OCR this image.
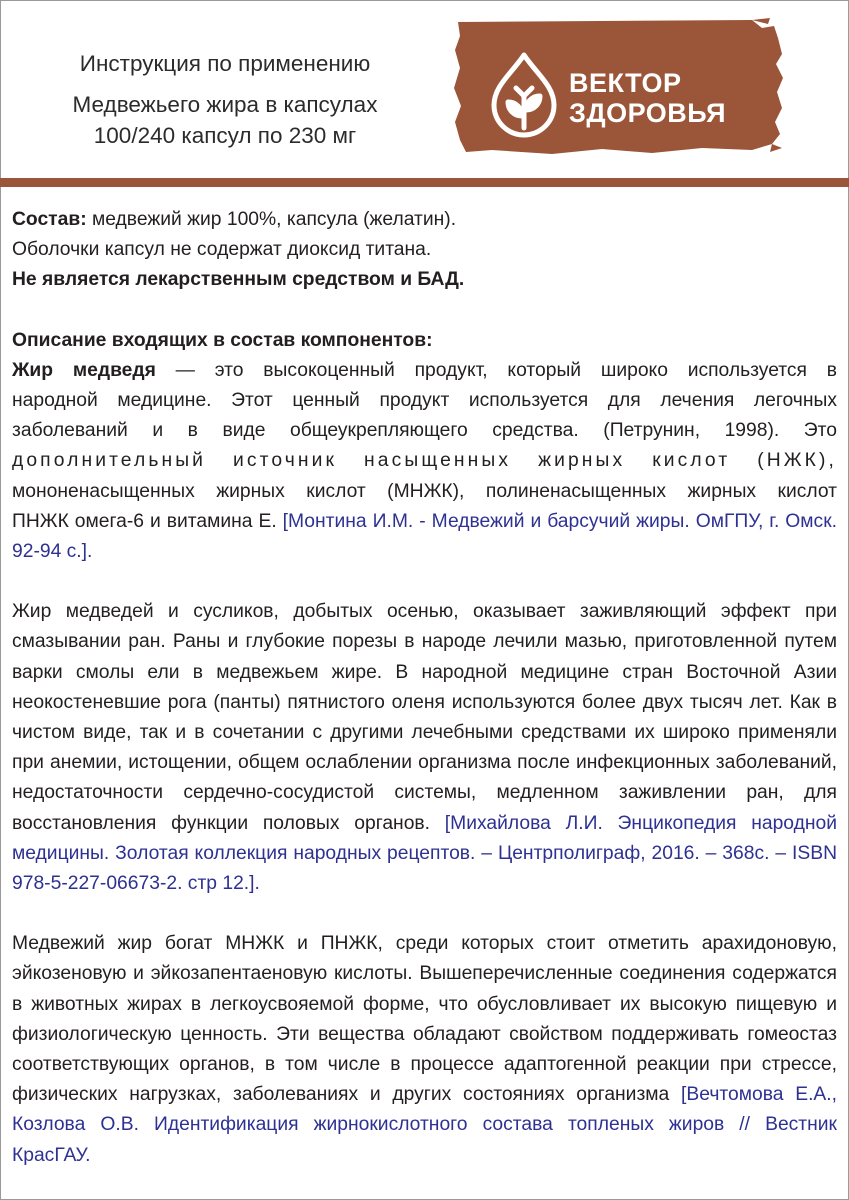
Инструкция по применению
Медвежьего жира в капсулах
100/240 капсул по 230 мг
ВЕКТОР
ЗДОРОВЬЯ

Состав: медвежий жир 100%, капсула (желатин).

Оболочки капсул не содержат диоксид титана.

Не является лекарственным средством и БАД.

Описание входящих в состав компонентов:

Жир медведя — это высокоценный продукт, который широко используется в

народной медицине. Этот ценный продукт используется для лечения легочных

заболеваний и в виде общеукрепляющего средства. (Петрунин, 1998). Это

дополнительный источник насыщенных жирных кислот (НЖК),

мононенасыщенных жирных кислот (МНЖК), полиненасыщенных жирных кислот

ПНЖК омега-6 и витамина Е. [Монтина И.М. - Медвежий и барсучий жиры. ОмГПУ, г. Омск. 92-94 с.].

Жир медведей и сусликов, добытых осенью, оказывает заживляющий эффект при смазывании ран. Раны и глубокие порезы в народе лечили мазью, приготовленной путем варки смолы ели в медвежьем жире. В народной медицине стран Восточной Азии неокостеневшие рога (панты) пятнистого оленя используются более двух тысяч лет. Как в чистом виде, так и в сочетании с другими лечебными средствами их широко применяли при анемии, истощении, общем ослаблении организма после инфекционных заболеваний, недостаточности сердечно-сосудистой системы, медленном заживлении ран, для восстановления функции половых органов. [Михайлова Л.И. Энцикопедия народной медицины. Золотая коллекция народных рецептов. – Центрполиграф, 2016. – 368с. – ISBN 978-5-227-06673-2. стр 12.].

Медвежий жир богат МНЖК и ПНЖК, среди которых стоит отметить арахидоновую, эйкозеновую и эйкозапентаеновую кислоты. Вышеперечисленные соединения содержатся в животных жирах в легкоусвояемой форме, что обусловливает их высокую пищевую и физиологическую ценность. Эти вещества обладают свойством поддерживать гомеостаз соответствующих органов, в том числе в процессе адаптогенной реакции при стрессе, физических нагрузках, заболеваниях и других состояниях организма [Вечтомова Е.А., Козлова О.В. Идентификация жирнокислотного состава топленых жиров // Вестник КрасГАУ.
